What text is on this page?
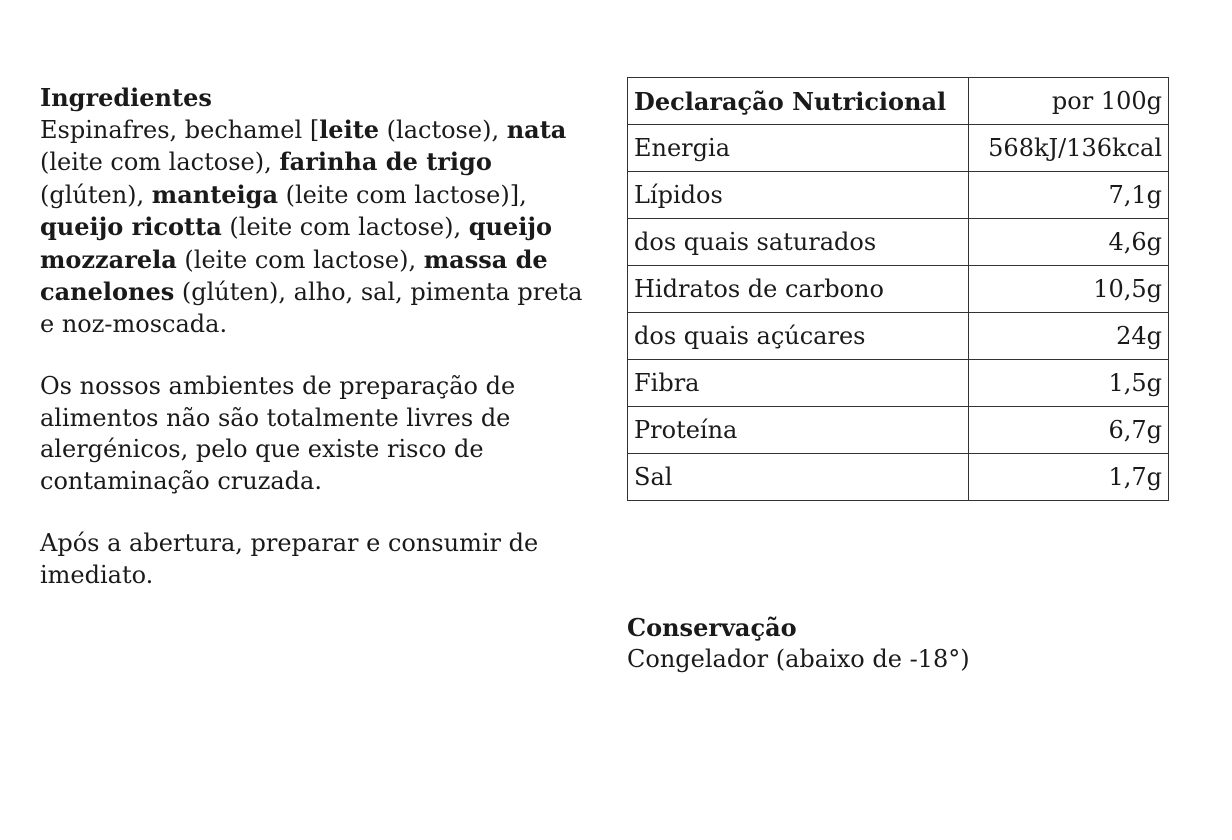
Ingredientes

Espinafres, bechamel [leite (lactose), nata (leite com lactose), farinha de trigo (glúten), manteiga (leite com lactose)], queijo ricotta (leite com lactose), queijo mozzarela (leite com lactose), massa de canelones (glúten), alho, sal, pimenta preta e noz-moscada.

Os nossos ambientes de preparação de alimentos não são totalmente livres de alergénicos, pelo que existe risco de contaminação cruzada.

Após a abertura, preparar e consumir de imediato.

Declaração Nutricional	por 100g
Energia	568kJ/136kcal
Lípidos	7,1g
dos quais saturados	4,6g
Hidratos de carbono	10,5g
dos quais açúcares	24g
Fibra	1,5g
Proteína	6,7g
Sal	1,7g
Conservação
Congelador (abaixo de -18°)
